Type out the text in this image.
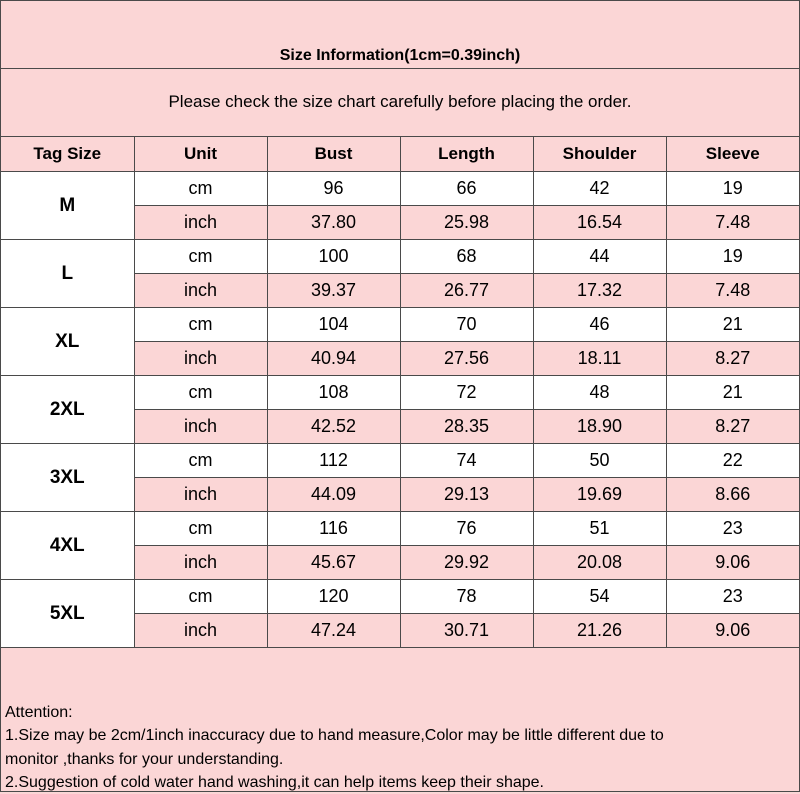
Size Information(1cm=0.39inch)
Please check the size chart carefully before placing the order.
Tag Size	Unit	Bust	Length	Shoulder	Sleeve
M	cm	96	66	42	19
	inch	37.80	25.98	16.54	7.48
L	cm	100	68	44	19
	inch	39.37	26.77	17.32	7.48
XL	cm	104	70	46	21
	inch	40.94	27.56	18.11	8.27
2XL	cm	108	72	48	21
	inch	42.52	28.35	18.90	8.27
3XL	cm	112	74	50	22
	inch	44.09	29.13	19.69	8.66
4XL	cm	116	76	51	23
	inch	45.67	29.92	20.08	9.06
5XL	cm	120	78	54	23
	inch	47.24	30.71	21.26	9.06
Attention:
1.Size may be 2cm/1inch inaccuracy due to hand measure,Color may be little different due to
monitor ,thanks for your understanding.
2.Suggestion of cold water hand washing,it can help items keep their shape.
